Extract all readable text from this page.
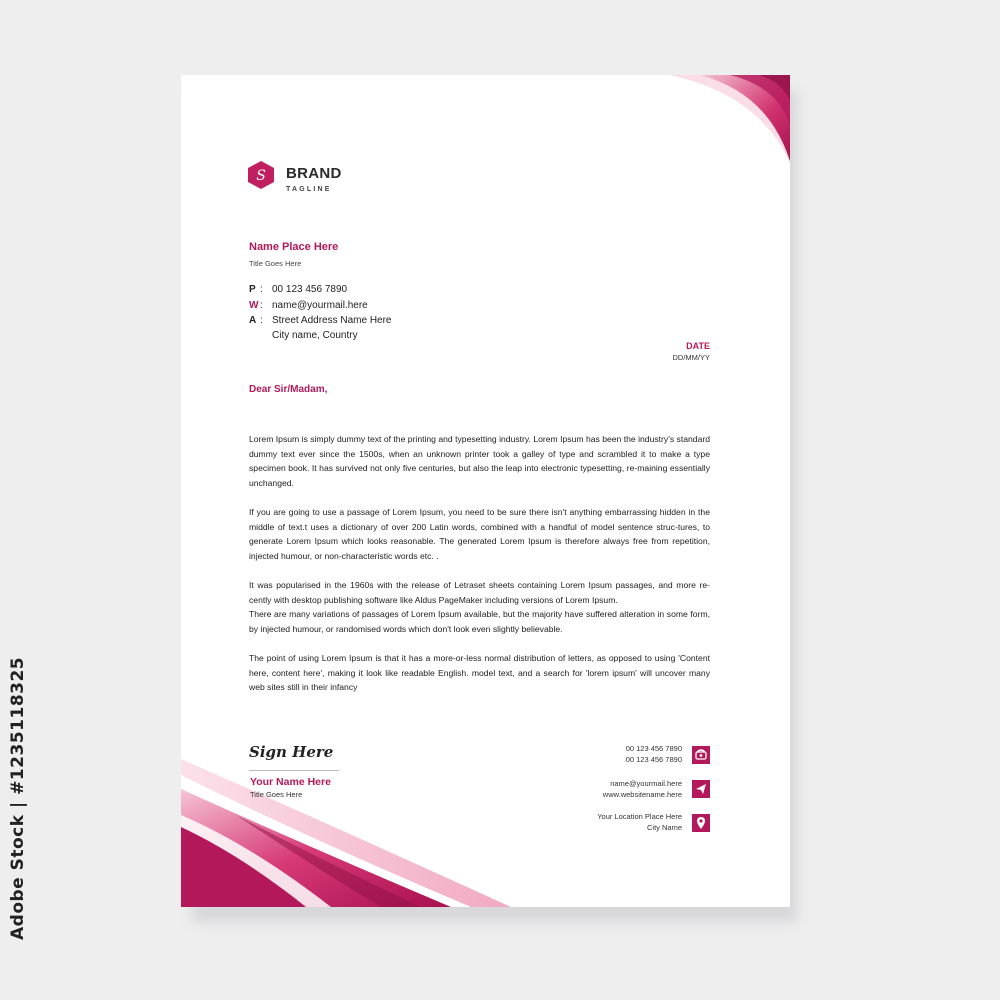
Adobe Stock | #1235118325
S BRAND
TAGLINE
Name Place Here
Title Goes Here
P : 00 123 456 7890
W : name@yourmail.here
A : Street Address Name Here
City name, Country
DATE
DD/MM/YY
Dear Sir/Madam,

Lorem Ipsum is simply dummy text of the printing and typesetting industry. Lorem Ipsum has been the industry's standard dummy text ever since the 1500s, when an unknown printer took a galley of type and scrambled it to make a type specimen book. It has survived not only five centuries, but also the leap into electronic typesetting, re-maining essentially unchanged.

If you are going to use a passage of Lorem Ipsum, you need to be sure there isn't anything embarrassing hidden in the middle of text.t uses a dictionary of over 200 Latin words, combined with a handful of model sentence struc-tures, to generate Lorem Ipsum which looks reasonable. The generated Lorem Ipsum is therefore always free from repetition, injected humour, or non-characteristic words etc. .

It was popularised in the 1960s with the release of Letraset sheets containing Lorem Ipsum passages, and more re-cently with desktop publishing software like Aldus PageMaker including versions of Lorem Ipsum.

There are many variations of passages of Lorem Ipsum available, but the majority have suffered alteration in some form, by injected humour, or randomised words which don't look even slightly believable.

The point of using Lorem Ipsum is that it has a more-or-less normal distribution of letters, as opposed to using 'Content here, content here', making it look like readable English. model text, and a search for 'lorem ipsum' will uncover many web sites still in their infancy

Sign Here
Your Name Here
Title Goes Here
00 123 456 7890
00 123 456 7890
name@yourmail.here
www.websitename.here
Your Location Place Here
City Name
